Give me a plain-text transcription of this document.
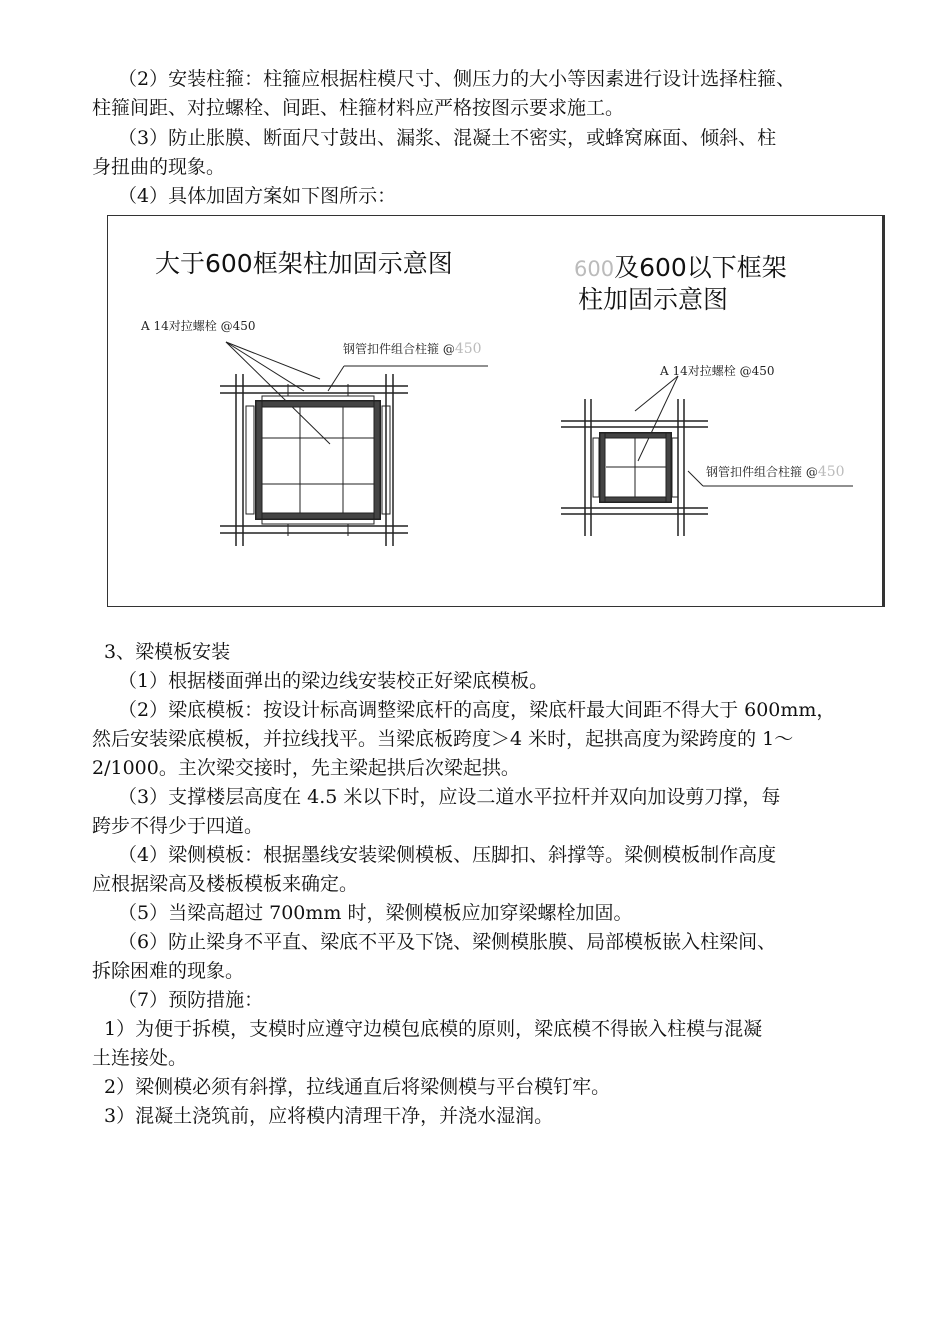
（2）安装柱箍：柱箍应根据柱模尺寸、侧压力的大小等因素进行设计选择柱箍、
柱箍间距、对拉螺栓、间距、柱箍材料应严格按图示要求施工。
（3）防止胀膜、断面尺寸鼓出、漏浆、混凝土不密实，或蜂窝麻面、倾斜、柱
身扭曲的现象。
（4）具体加固方案如下图所示：
大于600框架柱加固示意图	600及600以下框架
柱加固示意图
A 14对拉螺栓 @450
钢管扣件组合柱箍 @450
A 14对拉螺栓 @450
钢管扣件组合柱箍 @450
3、梁模板安装
（1）根据楼面弹出的梁边线安装校正好梁底模板。
（2）梁底模板：按设计标高调整梁底杆的高度，梁底杆最大间距不得大于 600mm，
然后安装梁底模板，并拉线找平。当梁底板跨度＞4 米时，起拱高度为梁跨度的 1～
2/1000。主次梁交接时，先主梁起拱后次梁起拱。
（3）支撑楼层高度在 4.5 米以下时，应设二道水平拉杆并双向加设剪刀撑，每
跨步不得少于四道。
（4）梁侧模板：根据墨线安装梁侧模板、压脚扣、斜撑等。梁侧模板制作高度
应根据梁高及楼板模板来确定。
（5）当梁高超过 700mm 时，梁侧模板应加穿梁螺栓加固。
（6）防止梁身不平直、梁底不平及下饶、梁侧模胀膜、局部模板嵌入柱梁间、
拆除困难的现象。
（7）预防措施：
1）为便于拆模，支模时应遵守边模包底模的原则，梁底模不得嵌入柱模与混凝
土连接处。
2）梁侧模必须有斜撑，拉线通直后将梁侧模与平台模钉牢。
3）混凝土浇筑前，应将模内清理干净，并浇水湿润。
